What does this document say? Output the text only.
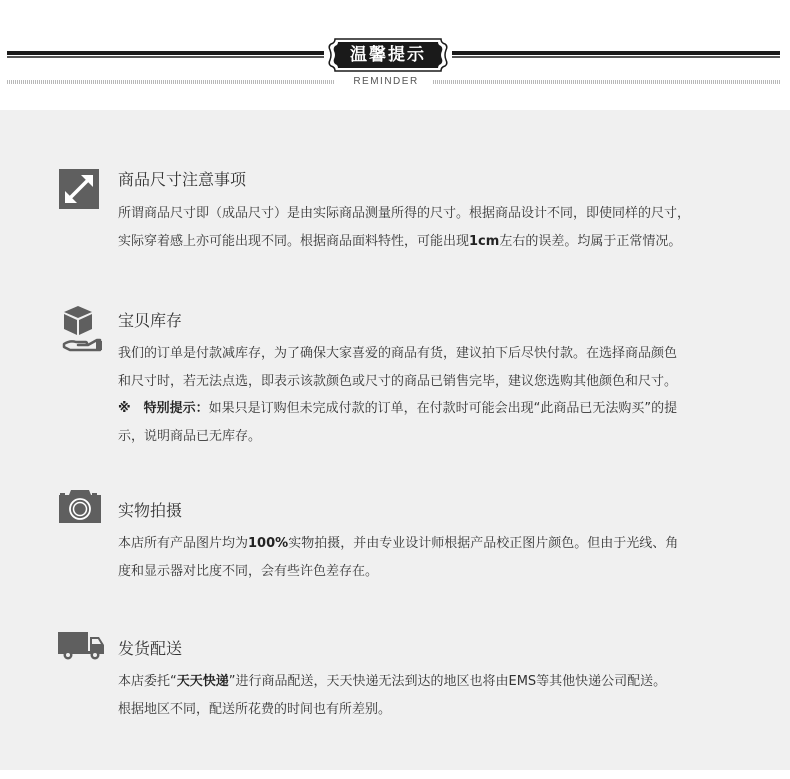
温馨提示
REMINDER
商品尺寸注意事项
所谓商品尺寸即（成品尺寸）是由实际商品测量所得的尺寸。根据商品设计不同，即使同样的尺寸，
实际穿着感上亦可能出现不同。根据商品面料特性，可能出现1cm左右的误差。均属于正常情况。
宝贝库存
我们的订单是付款减库存，为了确保大家喜爱的商品有货，建议拍下后尽快付款。在选择商品颜色
和尺寸时，若无法点选，即表示该款颜色或尺寸的商品已销售完毕，建议您选购其他颜色和尺寸。
※　特别提示：如果只是订购但未完成付款的订单，在付款时可能会出现“此商品已无法购买”的提
示，说明商品已无库存。
实物拍摄
本店所有产品图片均为100%实物拍摄，并由专业设计师根据产品校正图片颜色。但由于光线、角
度和显示器对比度不同，会有些许色差存在。
发货配送
本店委托“天天快递”进行商品配送，天天快递无法到达的地区也将由EMS等其他快递公司配送。
根据地区不同，配送所花费的时间也有所差别。
